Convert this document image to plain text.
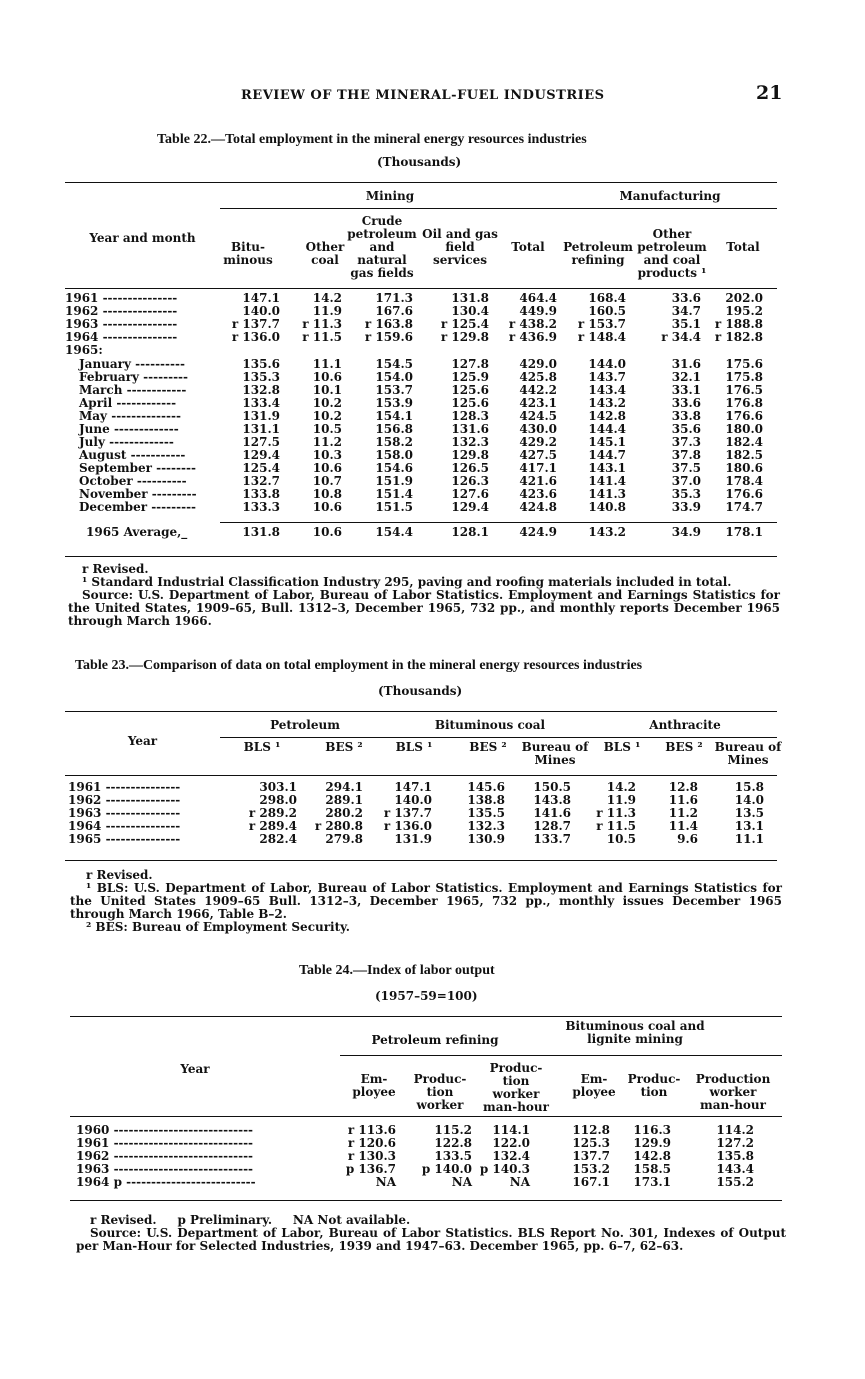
REVIEW OF THE MINERAL-FUEL INDUSTRIES	21
Table 22.—Total employment in the mineral energy resources industries
(Thousands)
Mining	Manufacturing
Year and month
Bitu-
minous
Other
coal
Crude
petroleum
and
natural
gas fields
Oil and gas
field
services
Total	Petroleum
refining
Other
petroleum
and coal
products ¹
Total
1961 ---------------	147.1	14.2	171.3	131.8	464.4	168.4	33.6 202.0
1962 ---------------	140.0	11.9	167.6	130.4	449.9	160.5	34.7 195.2
1963 ---------------	r 137.7 r 11.3 r 163.8 r 125.4 r 438.2 r 153.7	35.1 r 188.8
1964 ---------------	r 136.0 r 11.5 r 159.6 r 129.8 r 436.9 r 148.4	r 34.4 r 182.8
1965:
January ----------	135.6	11.1	154.5	127.8	429.0	144.0	31.6 175.6
February ---------	135.3	10.6	154.0	125.9	425.8	143.7	32.1 175.8
March ------------	132.8	10.1	153.7	125.6	442.2	143.4	33.1 176.5
April ------------	133.4	10.2	153.9	125.6	423.1	143.2	33.6 176.8
May --------------	131.9	10.2	154.1	128.3	424.5	142.8	33.8 176.6
June -------------	131.1	10.5	156.8	131.6	430.0	144.4	35.6 180.0
July -------------	127.5	11.2	158.2	132.3	429.2	145.1	37.3 182.4
August -----------	129.4	10.3	158.0	129.8	427.5	144.7	37.8 182.5
September --------	125.4	10.6	154.6	126.5	417.1	143.1	37.5 180.6
October ----------	132.7	10.7	151.9	126.3	421.6	141.4	37.0 178.4
November ---------	133.8	10.8	151.4	127.6	423.6	141.3	35.3 176.6
December ---------	133.3	10.6	151.5	129.4	424.8	140.8	33.9 174.7
1965 Average,_	131.8	10.6	154.4	128.1	424.9	143.2	34.9 178.1

r Revised.

¹ Standard Industrial Classification Industry 295, paving and roofing materials included in total.

Source: U.S. Department of Labor, Bureau of Labor Statistics. Employment and Earnings Statistics for the United States, 1909–65, Bull. 1312–3, December 1965, 732 pp., and monthly reports December 1965 through March 1966.

Table 23.—Comparison of data on total employment in the mineral energy resources industries
(Thousands)
Petroleum	Bituminous coal	Anthracite
Year	BLS ¹	BES ²	BLS ¹	BES ²	Bureau of
Mines
BLS ¹	BES ² Bureau of
Mines
1961 ---------------	303.1 294.1	147.1	145.6 150.5	14.2	12.8	15.8
1962 ---------------	298.0 289.1	140.0	138.8 143.8	11.9	11.6	14.0
1963 ---------------	r 289.2 280.2 r 137.7	135.5 141.6 r 11.3	11.2	13.5
1964 ---------------	r 289.4 r 280.8 r 136.0	132.3 128.7 r 11.5	11.4	13.1
1965 ---------------	282.4 279.8	131.9	130.9 133.7	10.5	9.6	11.1

r Revised.

¹ BLS: U.S. Department of Labor, Bureau of Labor Statistics. Employment and Earnings Statistics for the United States 1909–65 Bull. 1312–3, December 1965, 732 pp., monthly issues December 1965 through March 1966, Table B–2.

² BES: Bureau of Employment Security.

Table 24.—Index of labor output
(1957–59=100)
Petroleum refining
Bituminous coal and
lignite mining
Year
Em-
ployee
Produc-
tion
worker
Produc-
tion
worker
man-hour
Em-
ployee
Produc-
tion
Production
worker
man-hour
1960 ----------------------------	r 113.6	115.2 114.1	112.8 116.3	114.2
1961 ----------------------------	r 120.6	122.8 122.0	125.3 129.9	127.2
1962 ----------------------------	r 130.3	133.5 132.4	137.7 142.8	135.8
1963 ----------------------------	p 136.7 p 140.0 p 140.3	153.2 158.5	143.4
1964 p --------------------------	NA	NA	NA	167.1 173.1	155.2

r Revised.     p Preliminary.     NA Not available.

Source: U.S. Department of Labor, Bureau of Labor Statistics. BLS Report No. 301, Indexes of Output per Man-Hour for Selected Industries, 1939 and 1947–63. December 1965, pp. 6–7, 62–63.
